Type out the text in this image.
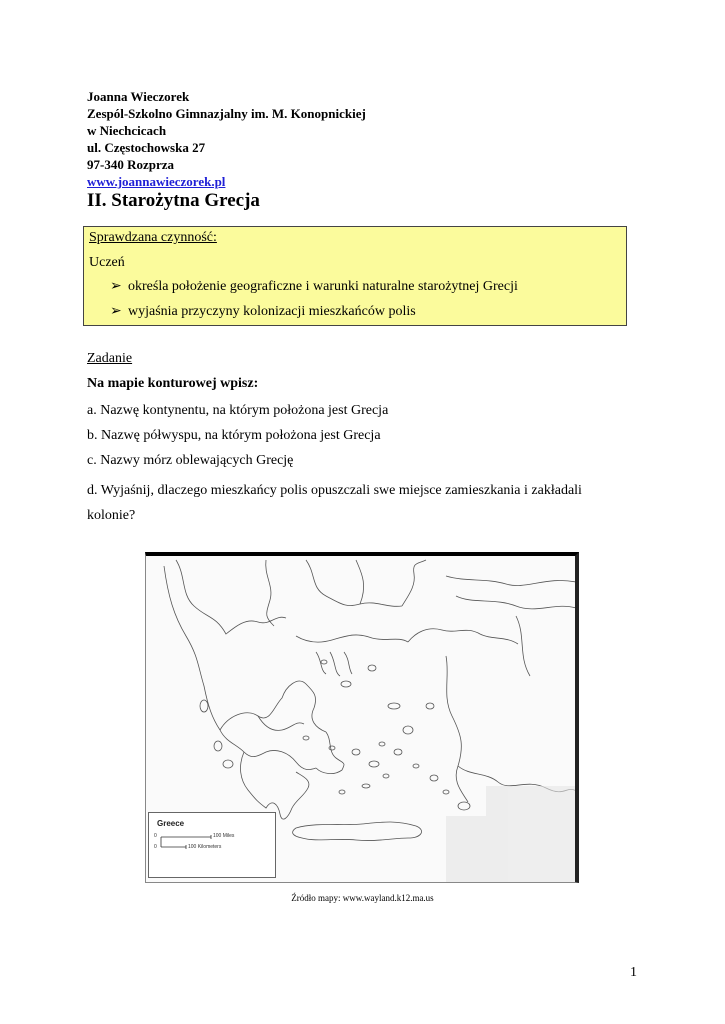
Joanna Wieczorek
Zespól-Szkolno Gimnazjalny im. M. Konopnickiej
w Niechcicach
ul. Częstochowska 27
97-340 Rozprza
www.joannawieczorek.pl
II. Starożytna Grecja
Sprawdzana czynność:
Uczeń
➢ określa położenie geograficzne i warunki naturalne starożytnej Grecji
➢ wyjaśnia przyczyny kolonizacji mieszkańców polis
Zadanie
Na mapie konturowej wpisz:
a. Nazwę kontynentu, na którym położona jest Grecja
b. Nazwę półwyspu, na którym położona jest Grecja
c. Nazwy mórz oblewających Grecję
d. Wyjaśnij, dlaczego mieszkańcy polis opuszczali swe miejsce zamieszkania i zakładali kolonie?
Greece
0	100 Miles
0	100 Kilometers
Źródło mapy: www.wayland.k12.ma.us
1
